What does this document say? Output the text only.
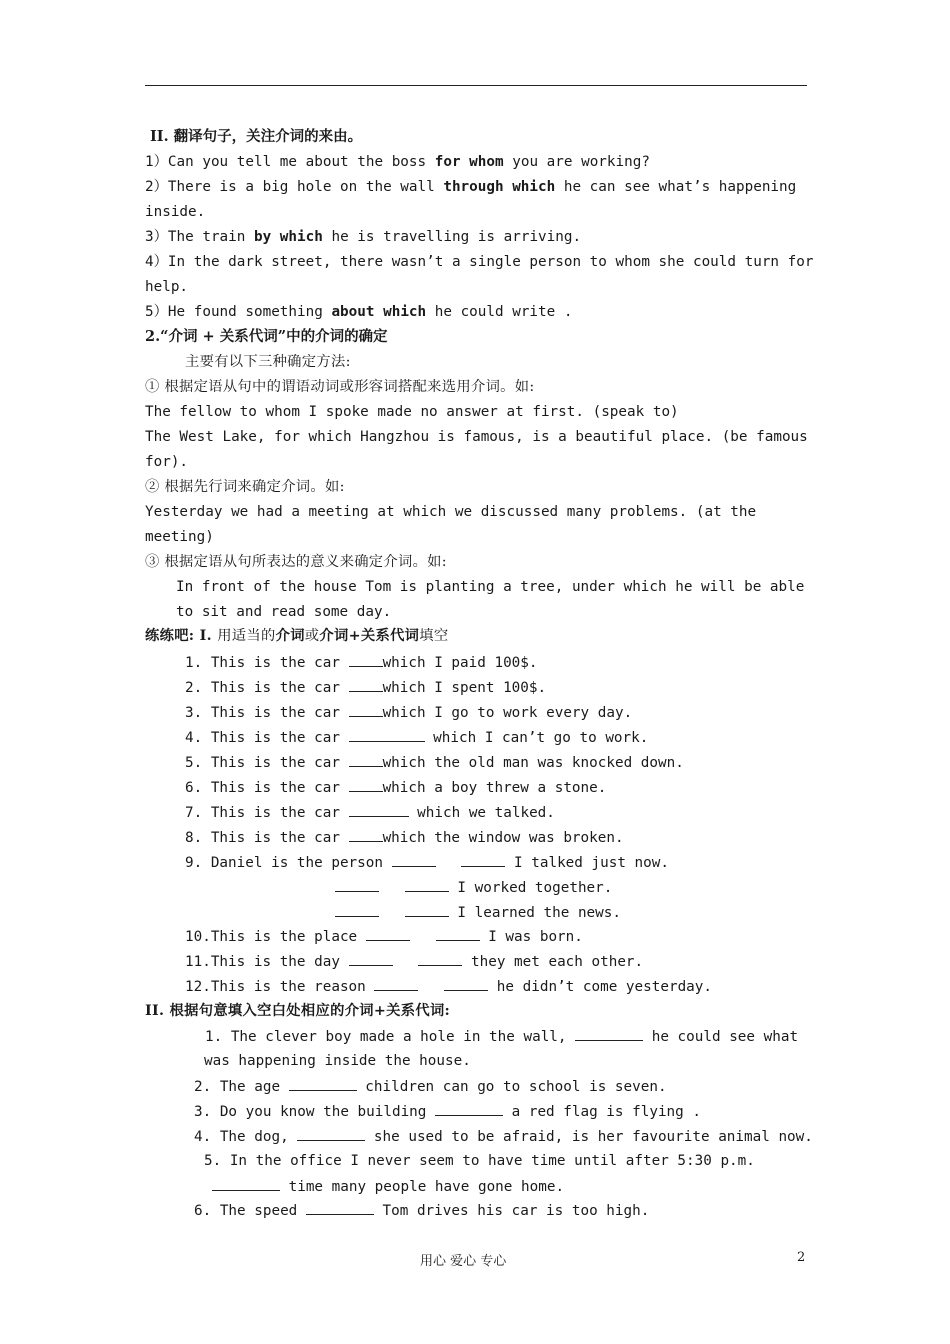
II. 翻译句子，关注介词的来由。
1）Can you tell me about the boss for whom you are working?
2）There is a big hole on the wall through which he can see what’s happening
inside.
3）The train by which he is travelling is arriving.
4）In the dark street, there wasn’t a single person to whom she could turn for
help.
5）He found something about which he could write .
2.“介词 + 关系代词”中的介词的确定
主要有以下三种确定方法:
① 根据定语从句中的谓语动词或形容词搭配来选用介词。如:
The fellow to whom I spoke made no answer at first. (speak to)
The West Lake, for which Hangzhou is famous, is a beautiful place. (be famous
for).
② 根据先行词来确定介词。如:
Yesterday we had a meeting at which we discussed many problems. (at the
meeting)
③ 根据定语从句所表达的意义来确定介词。如:
In front of the house Tom is planting a tree, under which he will be able
to sit and read some day.
练练吧: I. 用适当的介词或介词+关系代词填空
1. This is the car which I paid 100$.
2. This is the car which I spent 100$.
3. This is the car which I go to work every day.
4. This is the car	which I can’t go to work.
5. This is the car which the old man was knocked down.
6. This is the car which a boy threw a stone.
7. This is the car	which we talked.
8. This is the car which the window was broken.
9. Daniel is the person	I talked just now.
I worked together.
I learned the news.
10.This is the place	I was born.
11.This is the day	they met each other.
12.This is the reason	he didn’t come yesterday.
II. 根据句意填入空白处相应的介词+关系代词:
1. The clever boy made a hole in the wall,	he could see what
was happening inside the house.
2. The age	children can go to school is seven.
3. Do you know the building	a red flag is flying .
4. The dog,	she used to be afraid, is her favourite animal now.
5. In the office I never seem to have time until after 5:30 p.m.
time many people have gone home.
6. The speed	Tom drives his car is too high.
用心 爱心 专心	2
